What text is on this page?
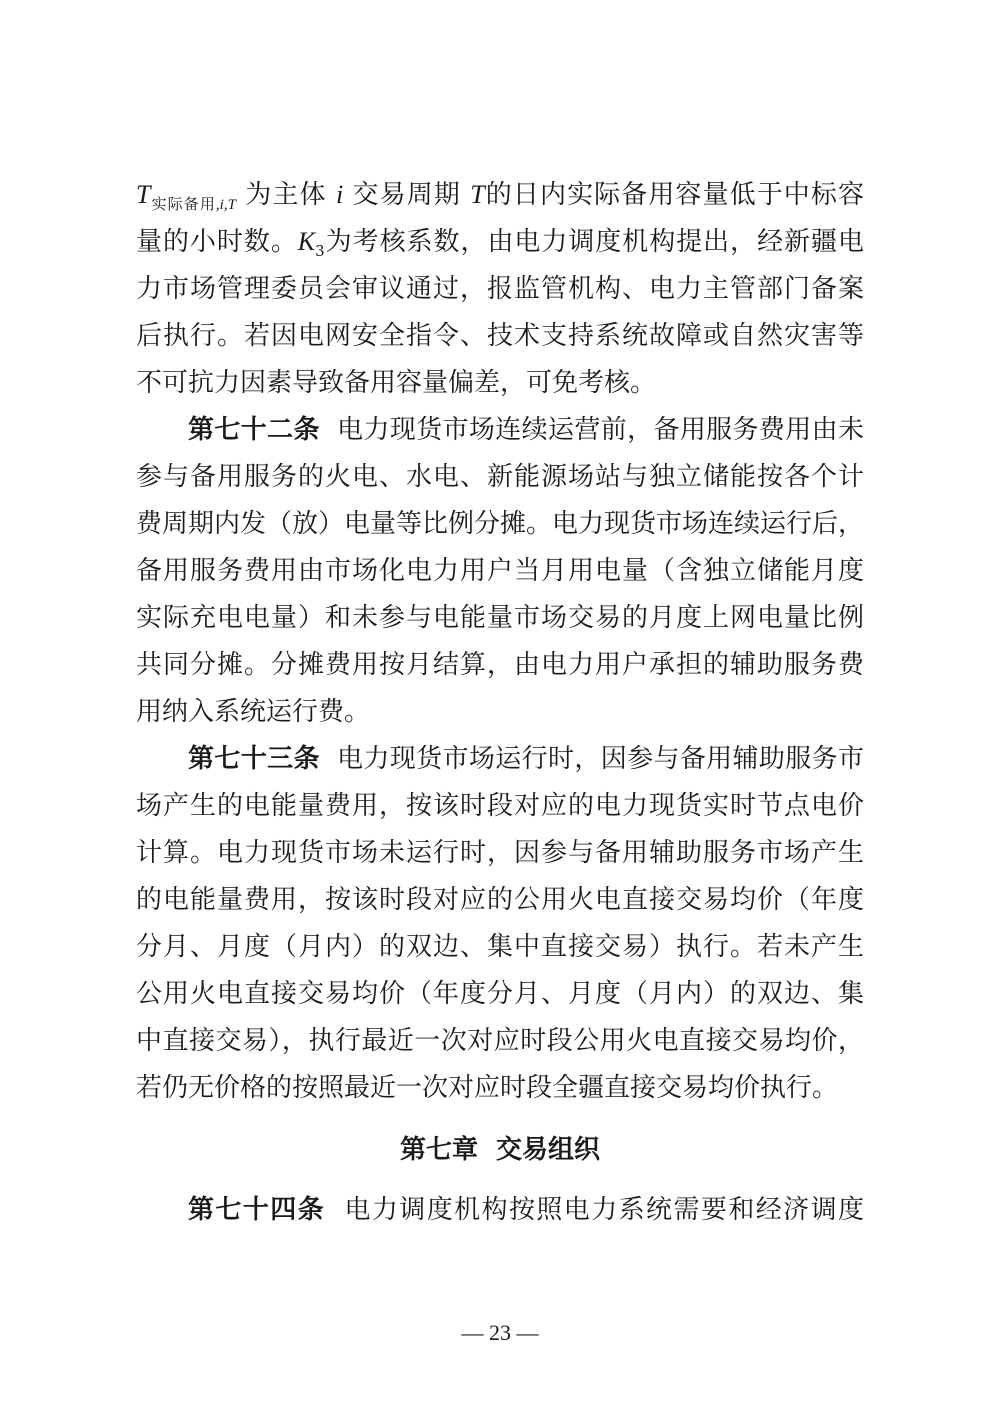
$T_{实际备用,i,T}$ 为主体 i 交易周期 T的日内实际备用容量低于中标容
量的小时数。$K_3$为考核系数，由电力调度机构提出，经新疆电
力市场管理委员会审议通过，报监管机构、电力主管部门备案
后执行。若因电网安全指令、技术支持系统故障或自然灾害等
不可抗力因素导致备用容量偏差，可免考核。
第七十二条 电力现货市场连续运营前，备用服务费用由未
参与备用服务的火电、水电、新能源场站与独立储能按各个计
费周期内发（放）电量等比例分摊。电力现货市场连续运行后，
备用服务费用由市场化电力用户当月用电量（含独立储能月度
实际充电电量）和未参与电能量市场交易的月度上网电量比例
共同分摊。分摊费用按月结算，由电力用户承担的辅助服务费
用纳入系统运行费。
第七十三条 电力现货市场运行时，因参与备用辅助服务市
场产生的电能量费用，按该时段对应的电力现货实时节点电价
计算。电力现货市场未运行时，因参与备用辅助服务市场产生
的电能量费用，按该时段对应的公用火电直接交易均价（年度
分月、月度（月内）的双边、集中直接交易）执行。若未产生
公用火电直接交易均价（年度分月、月度（月内）的双边、集
中直接交易），执行最近一次对应时段公用火电直接交易均价，
若仍无价格的按照最近一次对应时段全疆直接交易均价执行。
第七章  交易组织
第七十四条 电力调度机构按照电力系统需要和经济调度
— 23 —
